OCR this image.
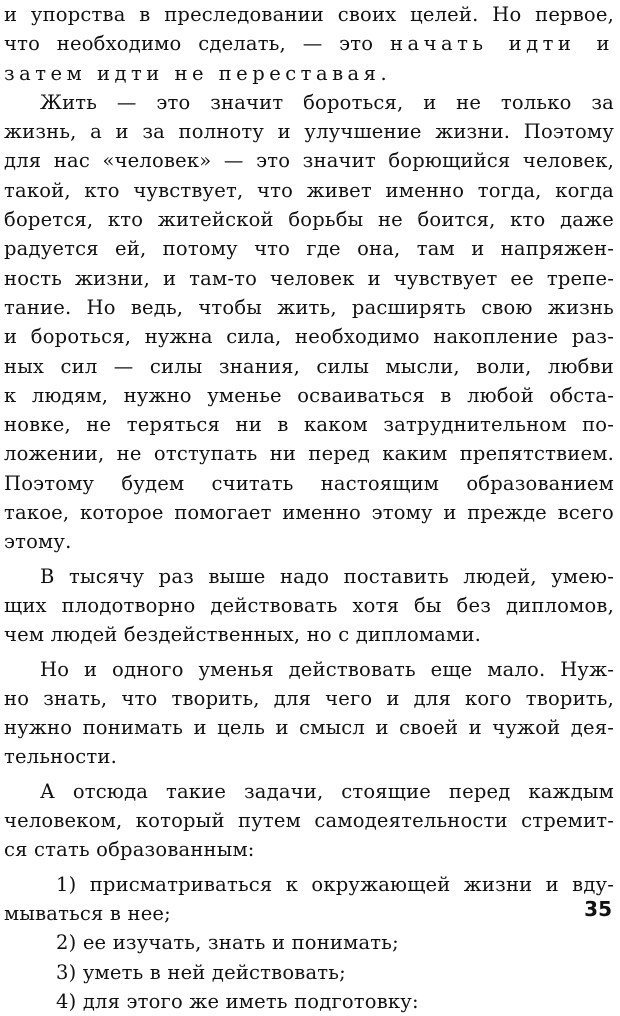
и упорства в преследовании своих целей. Но первое,
что необходимо сделать, — это начать идти и
затем идти не переставая.
Жить — это значит бороться, и не только за
жизнь, а и за полноту и улучшение жизни. Поэтому
для нас «человек» — это значит борющийся человек,
такой, кто чувствует, что живет именно тогда, когда
борется, кто житейской борьбы не боится, кто даже
радуется ей, потому что где она, там и напряжен-
ность жизни, и там-то человек и чувствует ее трепе-
тание. Но ведь, чтобы жить, расширять свою жизнь
и бороться, нужна сила, необходимо накопление раз-
ных сил — силы знания, силы мысли, воли, любви
к людям, нужно уменье осваиваться в любой обста-
новке, не теряться ни в каком затруднительном по-
ложении, не отступать ни перед каким препятствием.
Поэтому будем считать настоящим образованием
такое, которое помогает именно этому и прежде всего
этому.
В тысячу раз выше надо поставить людей, умею-
щих плодотворно действовать хотя бы без дипломов,
чем людей бездейственных, но с дипломами.
Но и одного уменья действовать еще мало. Нуж-
но знать, что творить, для чего и для кого творить,
нужно понимать и цель и смысл и своей и чужой дея-
тельности.
А отсюда такие задачи, стоящие перед каждым
человеком, который путем самодеятельности стремит-
ся стать образованным:
1) присматриваться к окружающей жизни и вду-
мываться в нее;
2) ее изучать, знать и понимать;
3) уметь в ней действовать;
4) для этого же иметь подготовку:
35
